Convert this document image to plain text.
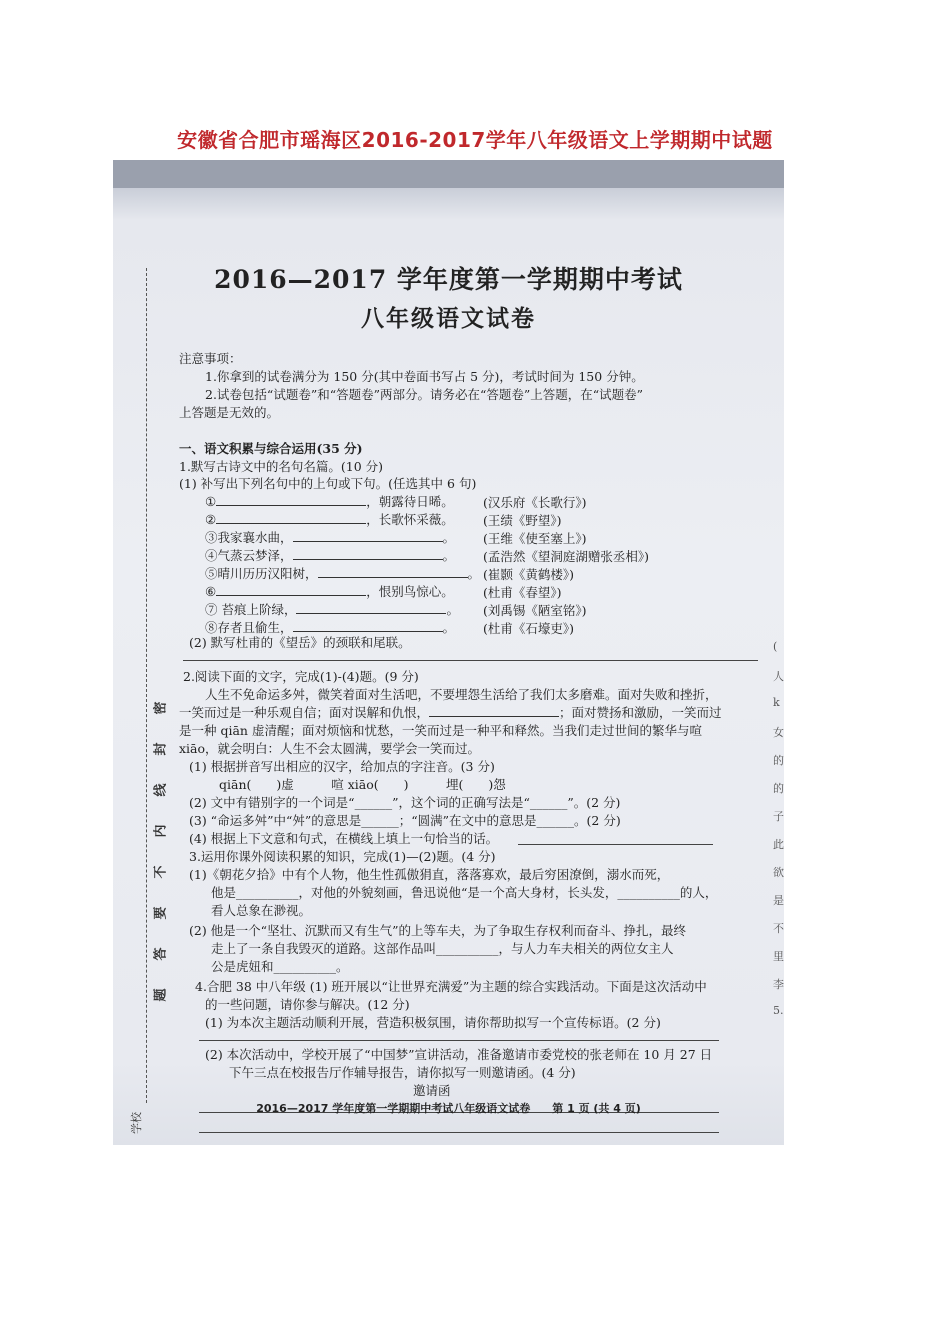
安徽省合肥市瑶海区2016-2017学年八年级语文上学期期中试题
密
封
线
内
不
要
答
题
学校
2016—2017 学年度第一学期期中考试
八年级语文试卷
注意事项：
1.你拿到的试卷满分为 150 分(其中卷面书写占 5 分)，考试时间为 150 分钟。
2.试卷包括“试题卷”和“答题卷”两部分。请务必在“答题卷”上答题，在“试题卷”
上答题是无效的。
一、语文积累与综合运用(35 分)
1.默写古诗文中的名句名篇。(10 分)
(1) 补写出下列名句中的上句或下句。(任选其中 6 句)
①	，朝露待日晞。 (汉乐府《长歌行》)
②	，长歌怀采薇。 (王绩《野望》)
③我家襄水曲，	。 (王维《使至塞上》)
④气蒸云梦泽，	。 (孟浩然《望洞庭湖赠张丞相》)
⑤晴川历历汉阳树，	。 (崔颢《黄鹤楼》)
⑥	，恨别鸟惊心。 (杜甫《春望》)
⑦ 苔痕上阶绿，	。 (刘禹锡《陋室铭》)
⑧存者且偷生，	。 (杜甫《石壕吏》)
(2) 默写杜甫的《望岳》的颈联和尾联。
2.阅读下面的文字，完成(1)-(4)题。(9 分)
人生不免命运多舛，微笑着面对生活吧，不要埋怨生活给了我们太多磨难。面对失败和挫折，
一笑而过是一种乐观自信；面对误解和仇恨，	；面对赞扬和激励，一笑而过
是一种 qiān 虚清醒；面对烦恼和忧愁，一笑而过是一种平和释然。当我们走过世间的繁华与喧
xiāo，就会明白：人生不会太圆满，要学会一笑而过。
(1) 根据拼音写出相应的汉字，给加点的字注音。(3 分)
qiān(　　)虚　　　喧 xiāo(　　)　　　埋(　　)怨
(2) 文中有错别字的一个词是“______”，这个词的正确写法是“______”。(2 分)
(3) “命运多舛”中“舛”的意思是______；“圆满”在文中的意思是______。(2 分)
(4) 根据上下文意和句式，在横线上填上一句恰当的话。
3.运用你课外阅读积累的知识，完成(1)—(2)题。(4 分)
(1)《朝花夕拾》中有个人物，他生性孤傲狷直，落落寡欢，最后穷困潦倒，溺水而死，
他是__________，对他的外貌刻画，鲁迅说他“是一个高大身材，长头发，__________的人，
看人总象在渺视。
(2) 他是一个“坚壮、沉默而又有生气”的上等车夫，为了争取生存权利而奋斗、挣扎，最终
走上了一条自我毁灭的道路。这部作品叫__________，与人力车夫相关的两位女主人
公是虎妞和__________。
4.合肥 38 中八年级 (1) 班开展以“让世界充满爱”为主题的综合实践活动。下面是这次活动中
的一些问题，请你参与解决。(12 分)
(1) 为本次主题活动顺利开展，营造积极氛围，请你帮助拟写一个宣传标语。(2 分)
(2) 本次活动中，学校开展了“中国梦”宣讲活动，准备邀请市委党校的张老师在 10 月 27 日
下午三点在校报告厅作辅导报告，请你拟写一则邀请函。(4 分)
邀请函
2016—2017 学年度第一学期期中考试八年级语文试卷　　第 1 页 (共 4 页)
(
人
k
女
的
的
子
此
欲
是
不
里
李
5.
